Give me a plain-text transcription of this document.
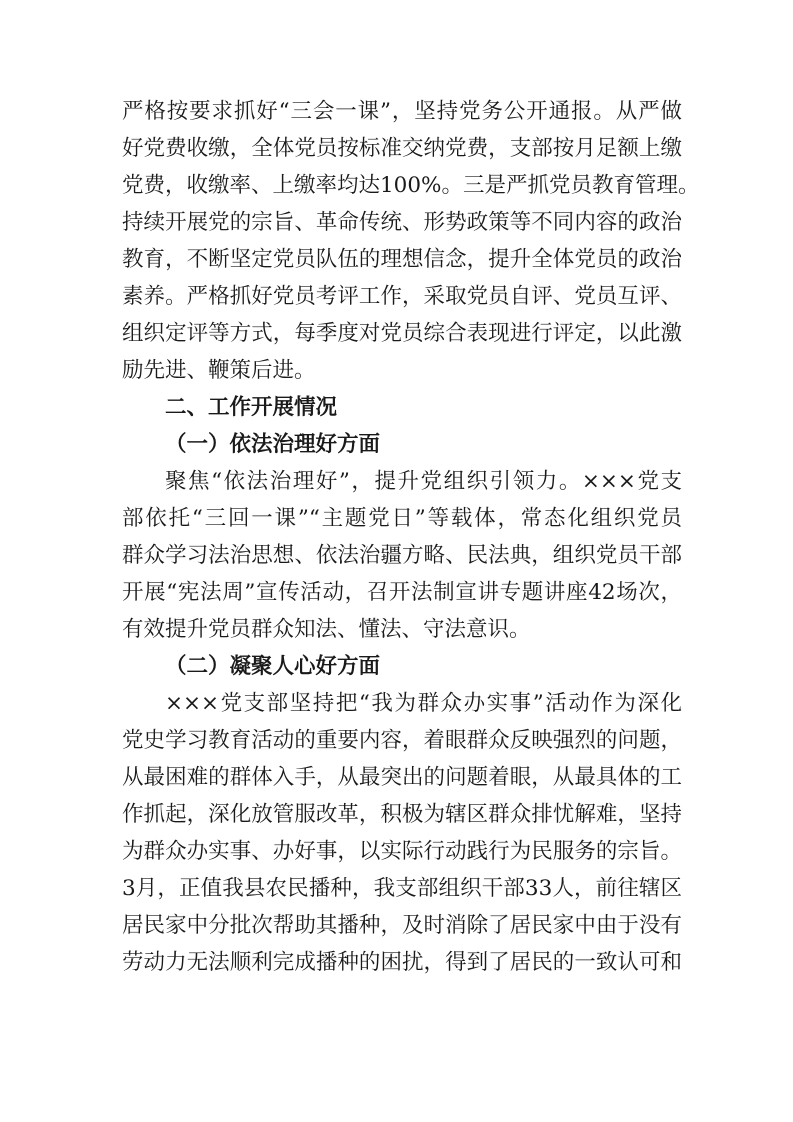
严格按要求抓好“三会一课”，坚持党务公开通报。从严做
好党费收缴，全体党员按标准交纳党费，支部按月足额上缴
党费，收缴率、上缴率均达100%。三是严抓党员教育管理。
持续开展党的宗旨、革命传统、形势政策等不同内容的政治
教育，不断坚定党员队伍的理想信念，提升全体党员的政治
素养。严格抓好党员考评工作，采取党员自评、党员互评、
组织定评等方式，每季度对党员综合表现进行评定，以此激
励先进、鞭策后进。
二、工作开展情况
（一）依法治理好方面
聚焦“依法治理好”，提升党组织引领力。×××党支
部依托“三回一课”“主题党日”等载体，常态化组织党员
群众学习法治思想、依法治疆方略、民法典，组织党员干部
开展“宪法周”宣传活动，召开法制宣讲专题讲座42场次，
有效提升党员群众知法、懂法、守法意识。
（二）凝聚人心好方面
×××党支部坚持把“我为群众办实事”活动作为深化
党史学习教育活动的重要内容，着眼群众反映强烈的问题，
从最困难的群体入手，从最突出的问题着眼，从最具体的工
作抓起，深化放管服改革，积极为辖区群众排忧解难，坚持
为群众办实事、办好事，以实际行动践行为民服务的宗旨。
3月，正值我县农民播种，我支部组织干部33人，前往辖区
居民家中分批次帮助其播种，及时消除了居民家中由于没有
劳动力无法顺利完成播种的困扰，得到了居民的一致认可和
